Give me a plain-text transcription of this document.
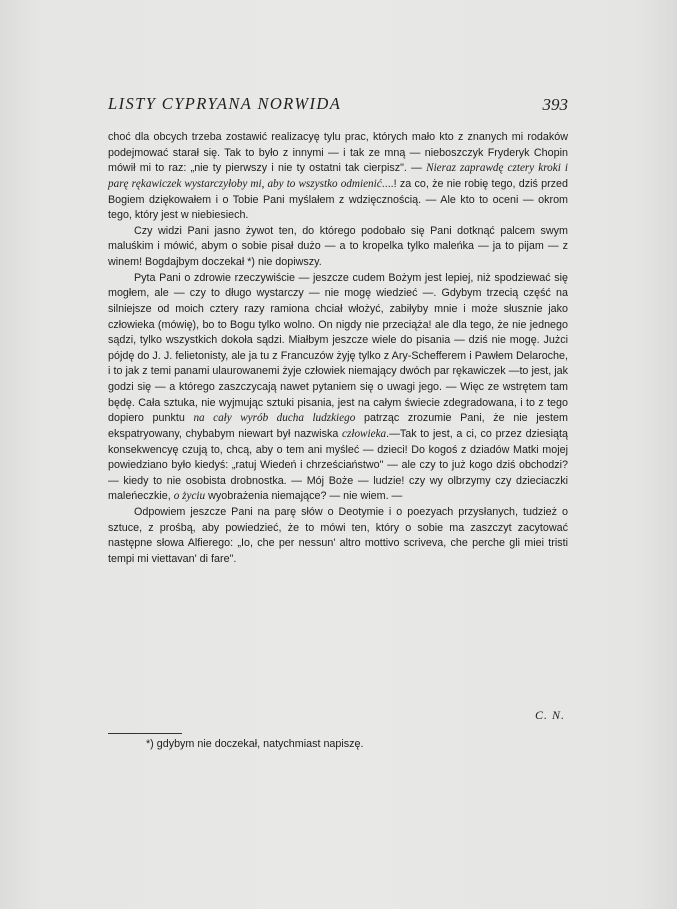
LISTY CYPRYANA NORWIDA	393

choć dla obcych trzeba zostawić realizacyę tylu prac, których mało kto z znanych mi rodaków podejmować starał się. Tak to było z innymi — i tak ze mną — nieboszczyk Fryderyk Chopin mówił mi to raz: „nie ty pierwszy i nie ty ostatni tak cierpisz". — Nieraz zaprawdę cztery kroki i parę rękawiczek wystarczyłoby mi, aby to wszystko odmienić....! za co, że nie robię tego, dziś przed Bogiem dziękowałem i o Tobie Pani myślałem z wdzięcznością. — Ale kto to oceni — okrom tego, który jest w niebiesiech.

Czy widzi Pani jasno żywot ten, do którego podobało się Pani dotknąć palcem swym maluśkim i mówić, abym o sobie pisał dużo — a to kropelka tylko maleńka — ja to pijam — z winem! Bogdajbym doczekał *) nie dopiwszy.

Pyta Pani o zdrowie rzeczywiście — jeszcze cudem Bożym jest lepiej, niż spodziewać się mogłem, ale — czy to długo wystarczy — nie mogę wiedzieć —. Gdybym trzecią część na silniejsze od moich cztery razy ramiona chciał włożyć, zabiłyby mnie i może słusznie jako człowieka (mówię), bo to Bogu tylko wolno. On nigdy nie przeciąża! ale dla tego, że nie jednego sądzi, tylko wszystkich dokoła sądzi. Miałbym jeszcze wiele do pisania — dziś nie mogę. Jużci pójdę do J. J. felietonisty, ale ja tu z Francuzów żyję tylko z Ary-Schefferem i Pawłem Delaroche, i to jak z temi panami ulaurowanemi żyje człowiek niemający dwóch par rękawiczek —to jest, jak godzi się — a którego zaszczycają nawet pytaniem się o uwagi jego. — Więc ze wstrętem tam będę. Cała sztuka, nie wyjmując sztuki pisania, jest na całym świecie zdegradowana, i to z tego dopiero punktu na cały wyrób ducha ludzkiego patrząc zrozumie Pani, że nie jestem ekspatryowany, chybabym niewart był nazwiska człowieka.—Tak to jest, a ci, co przez dziesiątą konsekwencyę czują to, chcą, aby o tem ani myśleć — dzieci! Do kogoś z dziadów Matki mojej powiedziano było kiedyś: „ratuj Wiedeń i chrześciaństwo" — ale czy to już kogo dziś obchodzi? — kiedy to nie osobista drobnostka. — Mój Boże — ludzie! czy wy olbrzymy czy dzieciaczki maleńeczkie, o życiu wyobrażenia niemające? — nie wiem. —

Odpowiem jeszcze Pani na parę słów o Deotymie i o poezyach przysłanych, tudzież o sztuce, z prośbą, aby powiedzieć, że to mówi ten, który o sobie ma zaszczyt zacytować następne słowa Alfierego: „Io, che per nessun' altro mottivo scriveva, che perche gli miei tristi tempi mi viettavan' di fare".

C. N.
*) gdybym nie doczekał, natychmiast napiszę.
